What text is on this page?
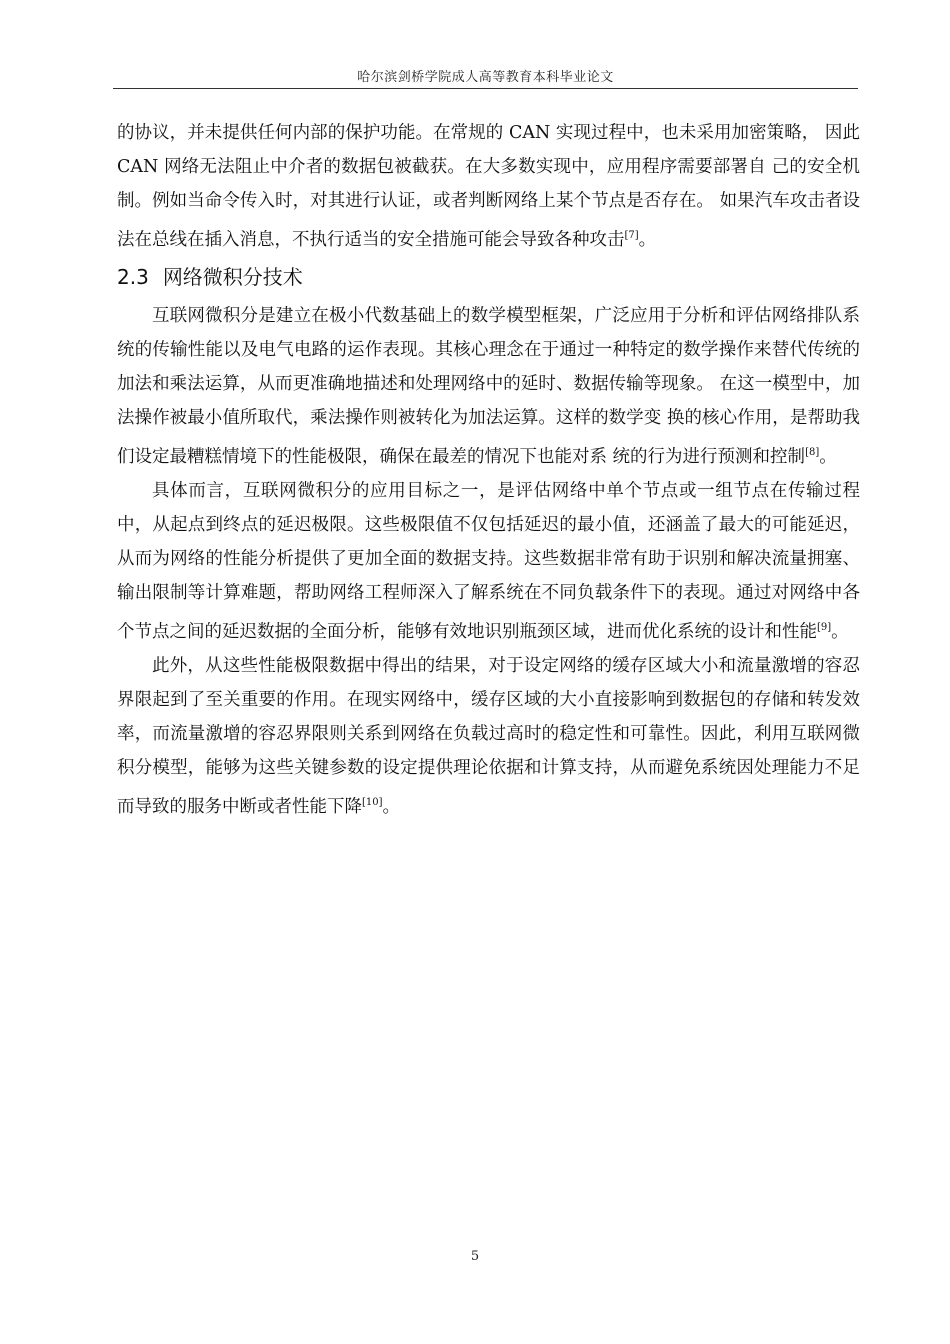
哈尔滨剑桥学院成人高等教育本科毕业论文

的协议，并未提供任何内部的保护功能。在常规的 CAN 实现过程中，也未采用加密策略， 因此 CAN 网络无法阻止中介者的数据包被截获。在大多数实现中，应用程序需要部署自 己的安全机制。例如当命令传入时，对其进行认证，或者判断网络上某个节点是否存在。 如果汽车攻击者设法在总线在插入消息，不执行适当的安全措施可能会导致各种攻击[7]。

2.3 网络微积分技术

互联网微积分是建立在极小代数基础上的数学模型框架，广泛应用于分析和评估网络排队系统的传输性能以及电气电路的运作表现。其核心理念在于通过一种特定的数学操作来替代传统的加法和乘法运算，从而更准确地描述和处理网络中的延时、数据传输等现象。 在这一模型中，加法操作被最小值所取代，乘法操作则被转化为加法运算。这样的数学变 换的核心作用，是帮助我们设定最糟糕情境下的性能极限，确保在最差的情况下也能对系 统的行为进行预测和控制[8]。

具体而言，互联网微积分的应用目标之一，是评估网络中单个节点或一组节点在传输过程中，从起点到终点的延迟极限。这些极限值不仅包括延迟的最小值，还涵盖了最大的可能延迟，从而为网络的性能分析提供了更加全面的数据支持。这些数据非常有助于识别和解决流量拥塞、输出限制等计算难题，帮助网络工程师深入了解系统在不同负载条件下的表现。通过对网络中各个节点之间的延迟数据的全面分析，能够有效地识别瓶颈区域，进而优化系统的设计和性能[9]。

此外，从这些性能极限数据中得出的结果，对于设定网络的缓存区域大小和流量激增的容忍界限起到了至关重要的作用。在现实网络中，缓存区域的大小直接影响到数据包的存储和转发效率，而流量激增的容忍界限则关系到网络在负载过高时的稳定性和可靠性。因此，利用互联网微积分模型，能够为这些关键参数的设定提供理论依据和计算支持，从而避免系统因处理能力不足而导致的服务中断或者性能下降[10]。

5
